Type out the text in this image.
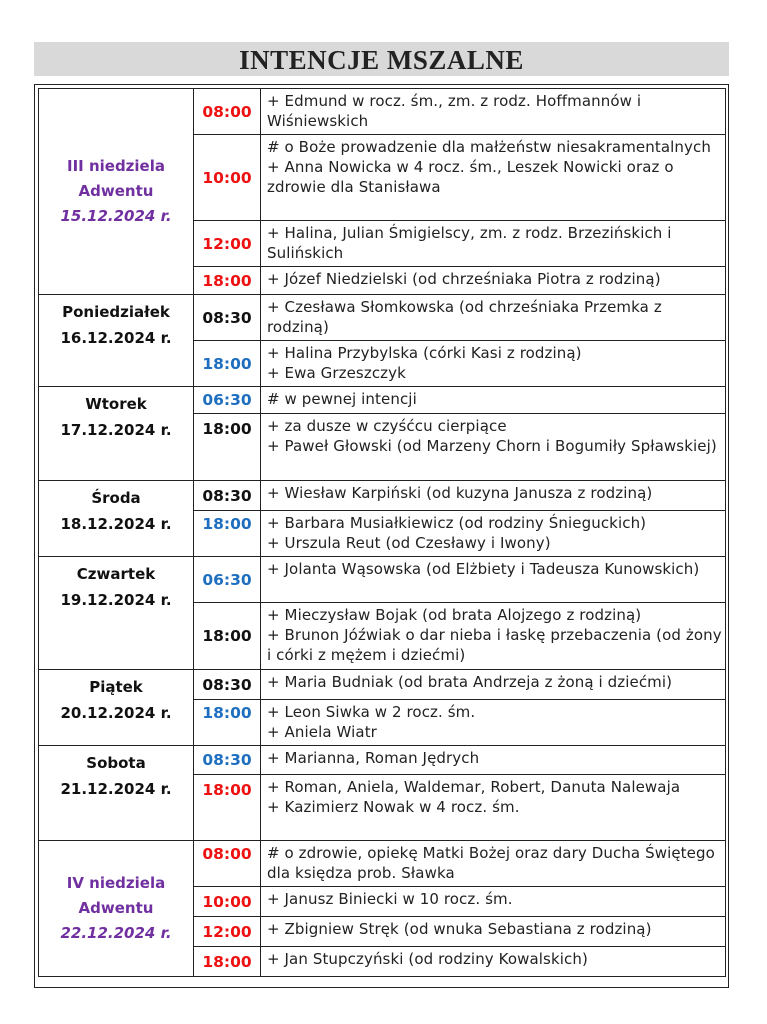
INTENCJE MSZALNE
III niedziela
Adwentu
15.12.2024 r.	08:00	+ Edmund w rocz. śm., zm. z rodz. Hoffmannów i Wiśniewskich

	10:00	# o Boże prowadzenie dla małżeństw niesakramentalnych
+ Anna Nowicka w 4 rocz. śm., Leszek Nowicki oraz o zdrowie dla Stanisława

	12:00	+ Halina, Julian Śmigielscy, zm. z rodz. Brzezińskich i Sulińskich

	18:00	+ Józef Niedzielski (od chrześniaka Piotra z rodziną)

Poniedziałek
16.12.2024 r.	08:30	+ Czesława Słomkowska (od chrześniaka Przemka z rodziną)

	18:00	+ Halina Przybylska (córki Kasi z rodziną)
+ Ewa Grzeszczyk

Wtorek
17.12.2024 r.	06:30	# w pewnej intencji

	18:00	+ za dusze w czyśćcu cierpiące
+ Paweł Głowski (od Marzeny Chorn i Bogumiły Spławskiej)

Środa
18.12.2024 r.	08:30	+ Wiesław Karpiński (od kuzyna Janusza z rodziną)

	18:00	+ Barbara Musiałkiewicz (od rodziny Śnieguckich)
+ Urszula Reut (od Czesławy i Iwony)

Czwartek
19.12.2024 r.	06:30	+ Jolanta Wąsowska (od Elżbiety i Tadeusza Kunowskich)

	18:00	+ Mieczysław Bojak (od brata Alojzego z rodziną)
+ Brunon Jóźwiak o dar nieba i łaskę przebaczenia (od żony i córki z mężem i dziećmi)

Piątek
20.12.2024 r.	08:30	+ Maria Budniak (od brata Andrzeja z żoną i dziećmi)

	18:00	+ Leon Siwka w 2 rocz. śm.
+ Aniela Wiatr

Sobota
21.12.2024 r.	08:30	+ Marianna, Roman Jędrych

	18:00	+ Roman, Aniela, Waldemar, Robert, Danuta Nalewaja
+ Kazimierz Nowak w 4 rocz. śm.

IV niedziela
Adwentu
22.12.2024 r.	08:00	# o zdrowie, opiekę Matki Bożej oraz dary Ducha Świętego dla księdza prob. Sławka

	10:00	+ Janusz Biniecki w 10 rocz. śm.

	12:00	+ Zbigniew Stręk (od wnuka Sebastiana z rodziną)

	18:00	+ Jan Stupczyński (od rodziny Kowalskich)
